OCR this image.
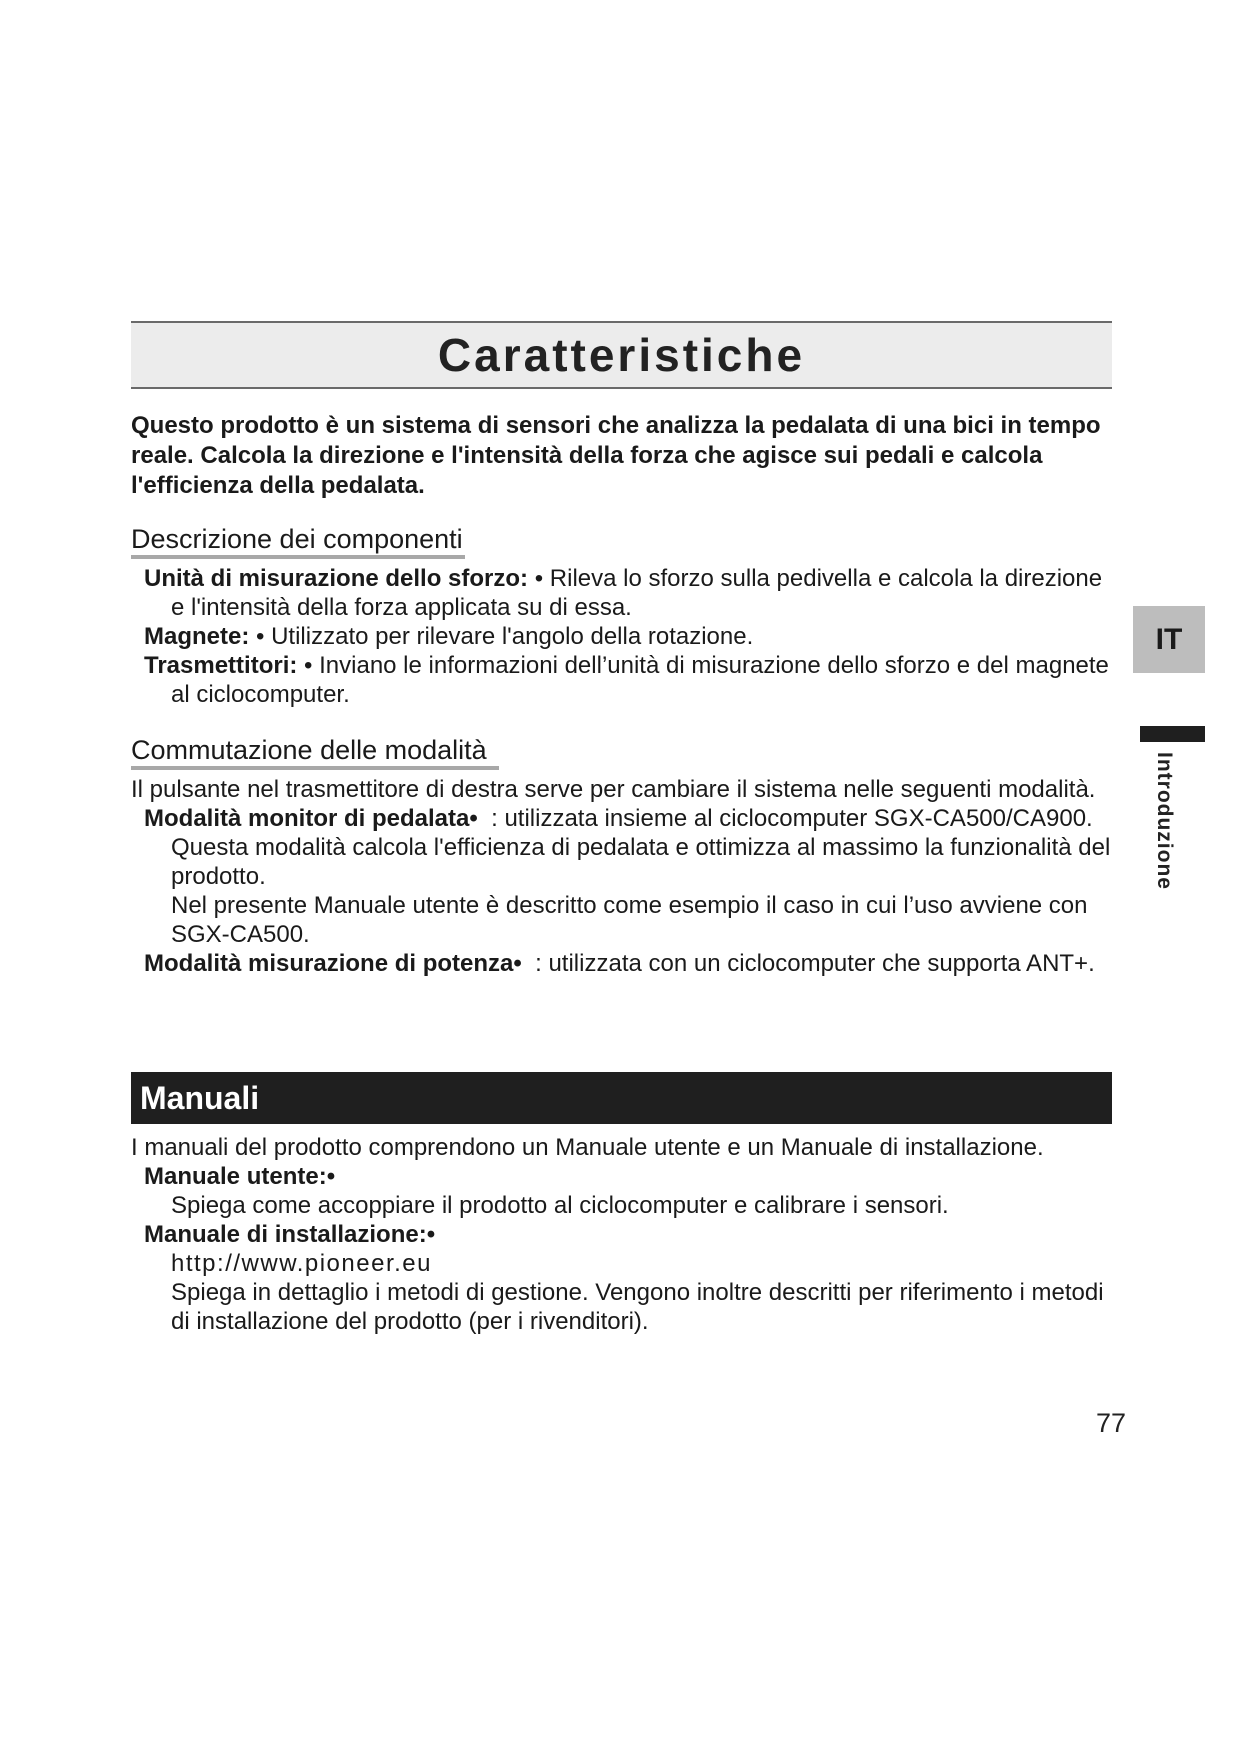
Caratteristiche

Questo prodotto è un sistema di sensori che analizza la pedalata di una bici in tempo reale. Calcola la direzione e l'intensità della forza che agisce sui pedali e calcola l'efficienza della pedalata.

Descrizione dei componenti
Unità di misurazione dello sforzo: • Rileva lo sforzo sulla pedivella e calcola la direzione e l'intensità della forza applicata su di essa.
Magnete: • Utilizzato per rilevare l'angolo della rotazione.
Trasmettitori: • Inviano le informazioni dell’unità di misurazione dello sforzo e del magnete al ciclocomputer.
Commutazione delle modalità

Il pulsante nel trasmettitore di destra serve per cambiare il sistema nelle seguenti modalità.

Modalità monitor di pedalata• : utilizzata insieme al ciclocomputer SGX-CA500/CA900. Questa modalità calcola l'efficienza di pedalata e ottimizza al massimo la funzionalità del prodotto.
Nel presente Manuale utente è descritto come esempio il caso in cui l’uso avviene con SGX-CA500.
Modalità misurazione di potenza• : utilizzata con un ciclocomputer che supporta ANT+.
Manuali

I manuali del prodotto comprendono un Manuale utente e un Manuale di installazione.

Manuale utente:•
Spiega come accoppiare il prodotto al ciclocomputer e calibrare i sensori.
Manuale di installazione:•
http://www.pioneer.eu
Spiega in dettaglio i metodi di gestione. Vengono inoltre descritti per riferimento i metodi di installazione del prodotto (per i rivenditori).
IT
Introduzione
77
